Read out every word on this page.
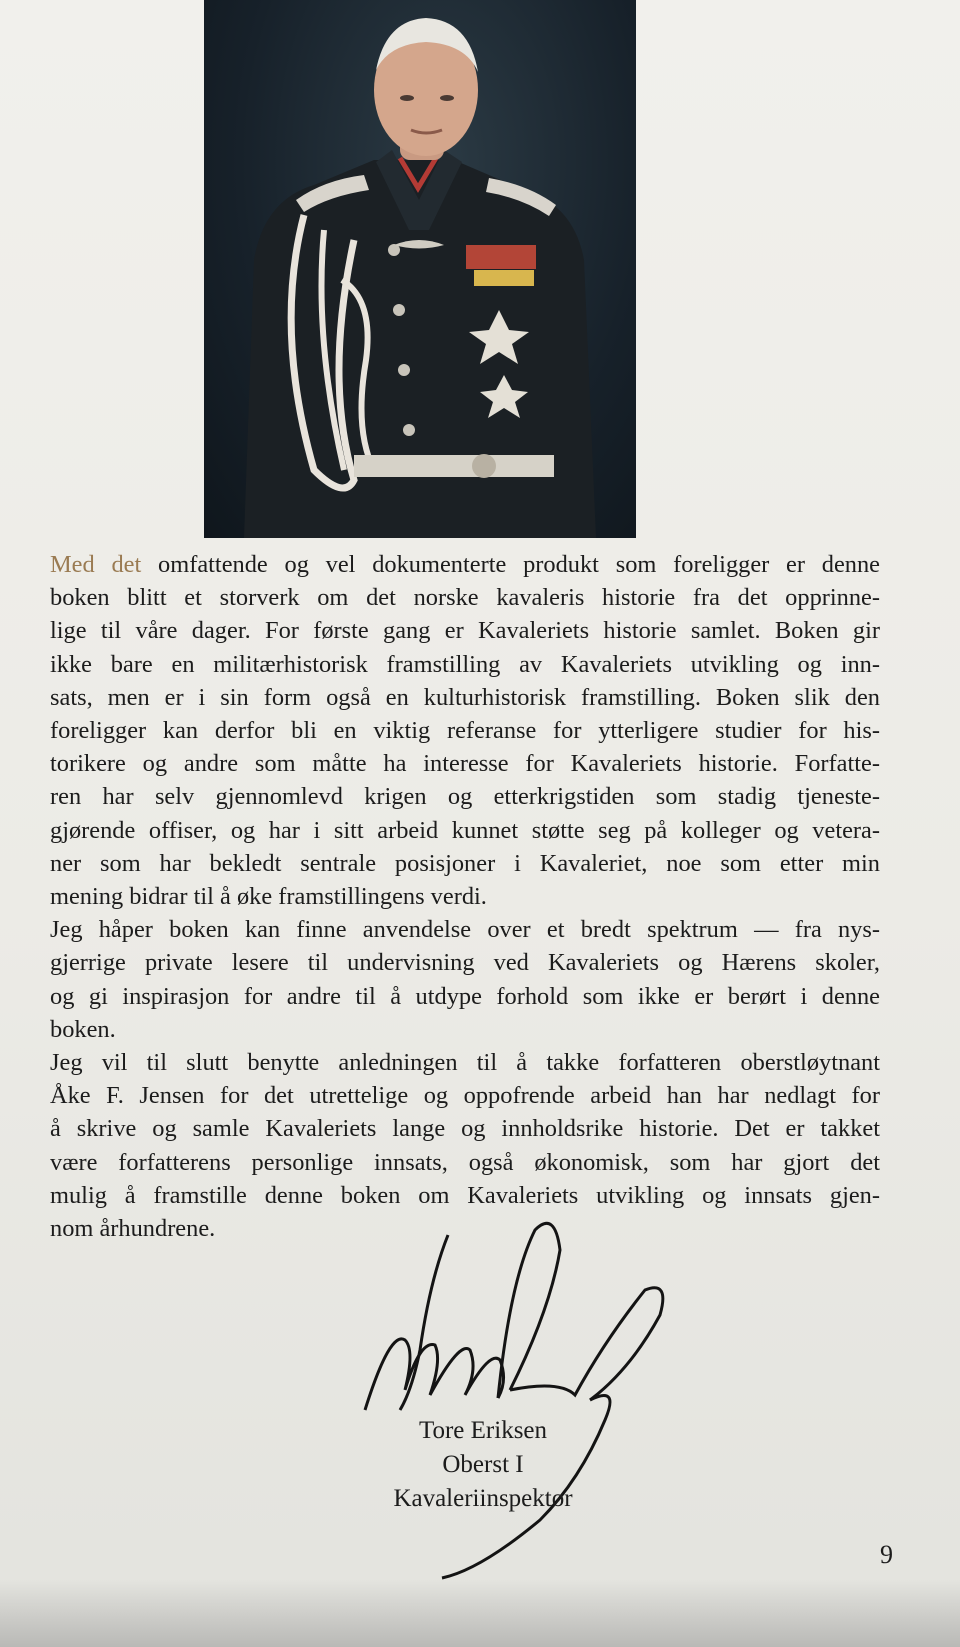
Med det omfattende og vel dokumenterte produkt som foreligger er denne
boken blitt et storverk om det norske kavaleris historie fra det opprinne-
lige til våre dager. For første gang er Kavaleriets historie samlet. Boken gir
ikke bare en militærhistorisk framstilling av Kavaleriets utvikling og inn-
sats, men er i sin form også en kulturhistorisk framstilling. Boken slik den
foreligger kan derfor bli en viktig referanse for ytterligere studier for his-
torikere og andre som måtte ha interesse for Kavaleriets historie. Forfatte-
ren har selv gjennomlevd krigen og etterkrigstiden som stadig tjeneste-
gjørende offiser, og har i sitt arbeid kunnet støtte seg på kolleger og vetera-
ner som har bekledt sentrale posisjoner i Kavaleriet, noe som etter min
mening bidrar til å øke framstillingens verdi.
Jeg håper boken kan finne anvendelse over et bredt spektrum — fra nys-
gjerrige private lesere til undervisning ved Kavaleriets og Hærens skoler,
og gi inspirasjon for andre til å utdype forhold som ikke er berørt i denne
boken.
Jeg vil til slutt benytte anledningen til å takke forfatteren oberstløytnant
Åke F. Jensen for det utrettelige og oppofrende arbeid han har nedlagt for
å skrive og samle Kavaleriets lange og innholdsrike historie. Det er takket
være forfatterens personlige innsats, også økonomisk, som har gjort det
mulig å framstille denne boken om Kavaleriets utvikling og innsats gjen-
nom århundrene.
Tore Eriksen
Oberst I
Kavaleriinspektør
9
